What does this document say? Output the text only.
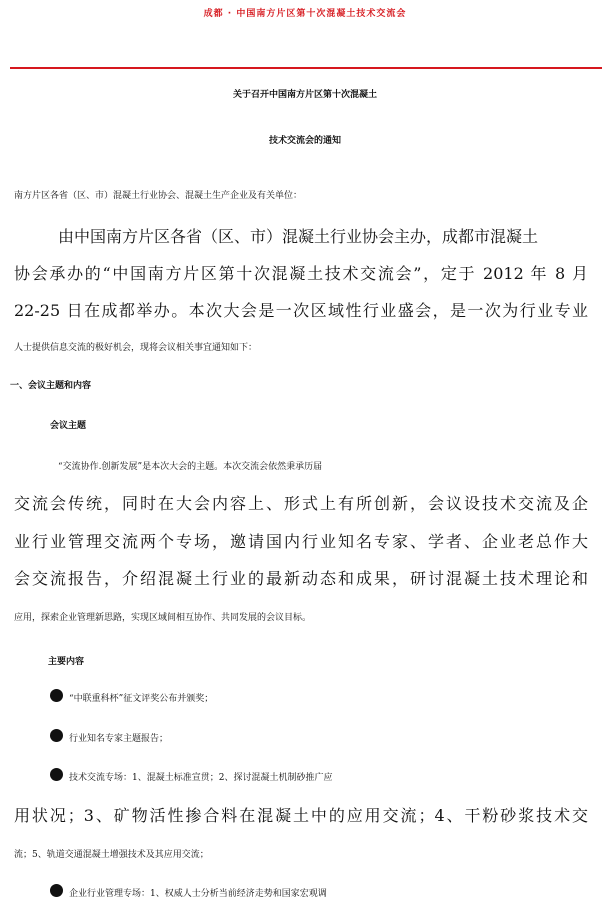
成都 · 中国南方片区第十次混凝土技术交流会
关于召开中国南方片区第十次混凝土
技术交流会的通知
南方片区各省（区、市）混凝土行业协会、混凝土生产企业及有关单位：
由中国南方片区各省（区、市）混凝土行业协会主办，成都市混凝土
协会承办的“中国南方片区第十次混凝土技术交流会”，定于 2012 年 8 月
22-25 日在成都举办。本次大会是一次区域性行业盛会，是一次为行业专业
人士提供信息交流的极好机会，现将会议相关事宜通知如下：
一、会议主题和内容
会议主题
“交流协作.创新发展”是本次大会的主题。本次交流会依然秉承历届
交流会传统，同时在大会内容上、形式上有所创新，会议设技术交流及企
业行业管理交流两个专场，邀请国内行业知名专家、学者、企业老总作大
会交流报告，介绍混凝土行业的最新动态和成果，研讨混凝土技术理论和
应用，探索企业管理新思路，实现区域间相互协作、共同发展的会议目标。
主要内容
“中联重科杯”征文评奖公布并颁奖；
行业知名专家主题报告；
技术交流专场：1、混凝土标准宣贯；2、探讨混凝土机制砂推广应
用状况；3、矿物活性掺合料在混凝土中的应用交流；4、干粉砂浆技术交
流；5、轨道交通混凝土增强技术及其应用交流；
企业行业管理专场：1、权威人士分析当前经济走势和国家宏观调
